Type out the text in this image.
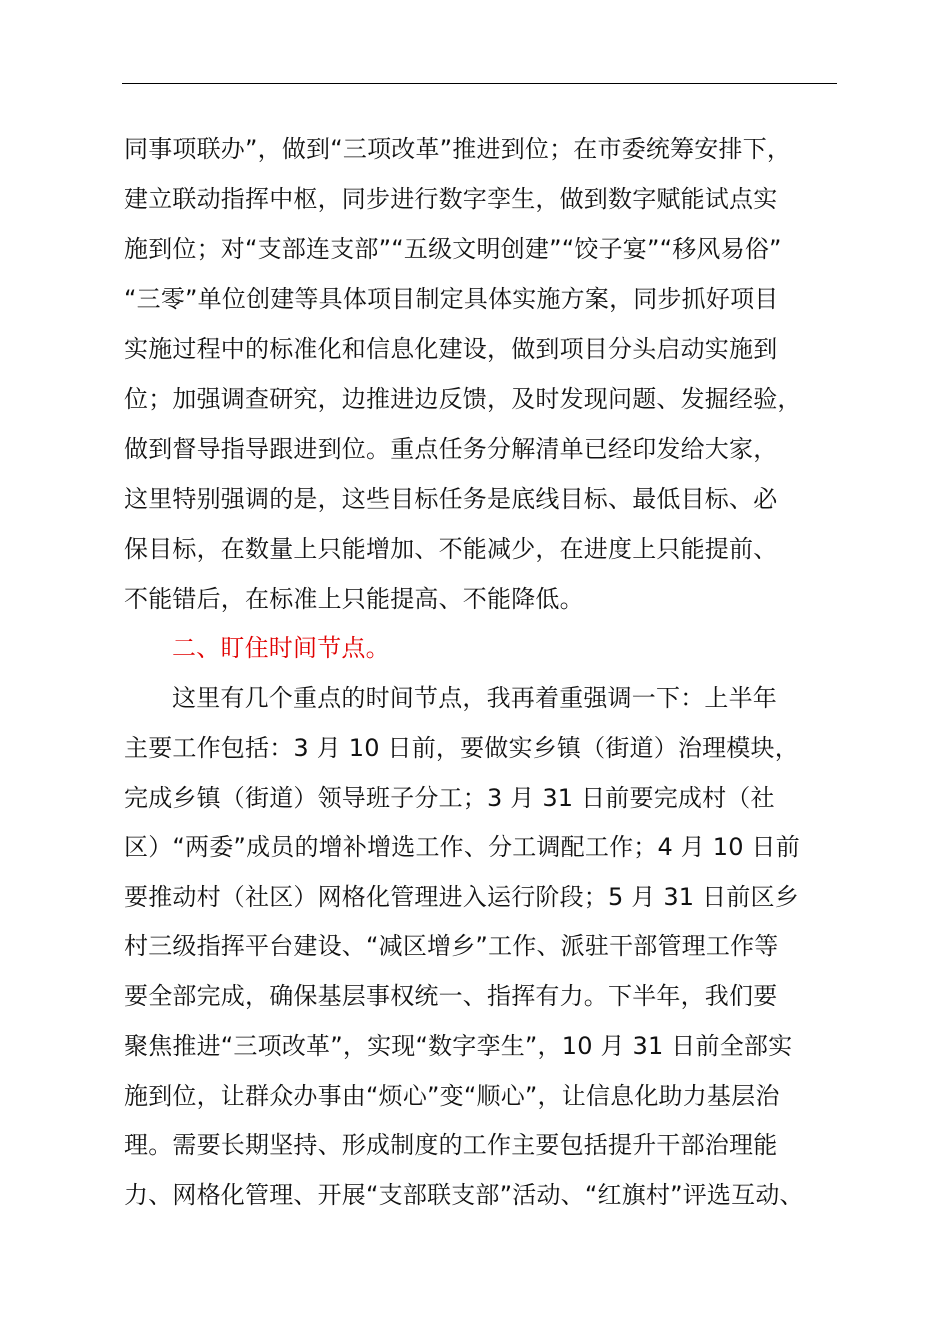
同事项联办”，做到“三项改革”推进到位；在市委统筹安排下，
建立联动指挥中枢，同步进行数字孪生，做到数字赋能试点实
施到位；对“支部连支部”“五级文明创建”“饺子宴”“移风易俗”
“三零”单位创建等具体项目制定具体实施方案，同步抓好项目
实施过程中的标准化和信息化建设，做到项目分头启动实施到
位；加强调查研究，边推进边反馈，及时发现问题、发掘经验，
做到督导指导跟进到位。重点任务分解清单已经印发给大家，
这里特别强调的是，这些目标任务是底线目标、最低目标、必
保目标，在数量上只能增加、不能减少，在进度上只能提前、
不能错后，在标准上只能提高、不能降低。
二、盯住时间节点。
这里有几个重点的时间节点，我再着重强调一下：上半年
主要工作包括：3 月 10 日前，要做实乡镇（街道）治理模块，
完成乡镇（街道）领导班子分工；3 月 31 日前要完成村（社
区）“两委”成员的增补增选工作、分工调配工作；4 月 10 日前
要推动村（社区）网格化管理进入运行阶段；5 月 31 日前区乡
村三级指挥平台建设、“减区增乡”工作、派驻干部管理工作等
要全部完成，确保基层事权统一、指挥有力。下半年，我们要
聚焦推进“三项改革”，实现“数字孪生”，10 月 31 日前全部实
施到位，让群众办事由“烦心”变“顺心”，让信息化助力基层治
理。需要长期坚持、形成制度的工作主要包括提升干部治理能
力、网格化管理、开展“支部联支部”活动、“红旗村”评选互动、
